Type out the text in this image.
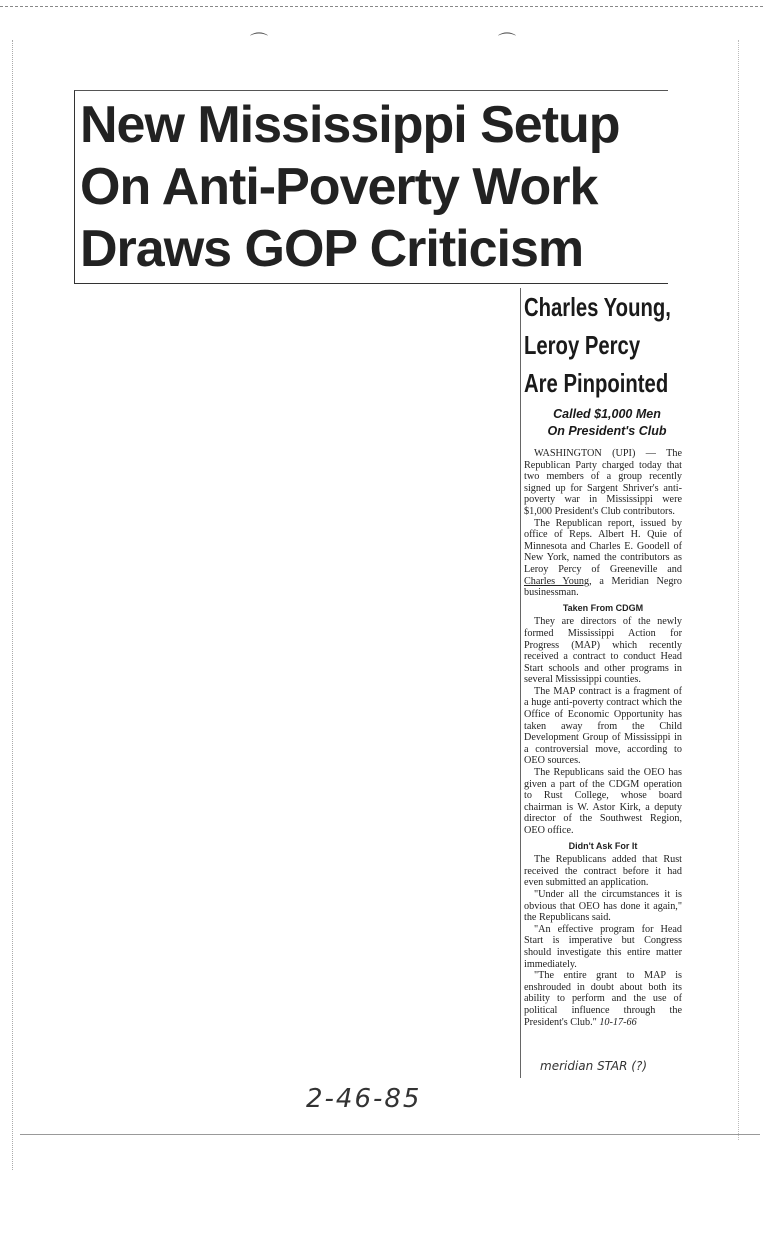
⌒	⌒
New Mississippi Setup
On Anti-Poverty Work
Draws GOP Criticism
Charles Young,
Leroy Percy
Are Pinpointed
Called $1,000 Men
On President's Club

WASHINGTON (UPI) — The Republican Party charged today that two members of a group recently signed up for Sargent Shriver's anti-poverty war in Mississippi were $1,000 President's Club contributors.

The Republican report, issued by office of Reps. Albert H. Quie of Minnesota and Charles E. Goodell of New York, named the contributors as Leroy Percy of Greeneville and Charles Young, a Meridian Negro businessman.

Taken From CDGM

They are directors of the newly formed Mississippi Action for Progress (MAP) which recently received a contract to conduct Head Start schools and other programs in several Mississippi counties.

The MAP contract is a fragment of a huge anti-poverty contract which the Office of Economic Opportunity has taken away from the Child Development Group of Mississippi in a controversial move, according to OEO sources.

The Republicans said the OEO has given a part of the CDGM operation to Rust College, whose board chairman is W. Astor Kirk, a deputy director of the Southwest Region, OEO office.

Didn't Ask For It

The Republicans added that Rust received the contract before it had even submitted an application.

"Under all the circumstances it is obvious that OEO has done it again," the Republicans said.

"An effective program for Head Start is imperative but Congress should investigate this entire matter immediately.

"The entire grant to MAP is enshrouded in doubt about both its ability to perform and the use of political influence through the President's Club." 10-17-66

meridian STAR (?)
2-46-85
